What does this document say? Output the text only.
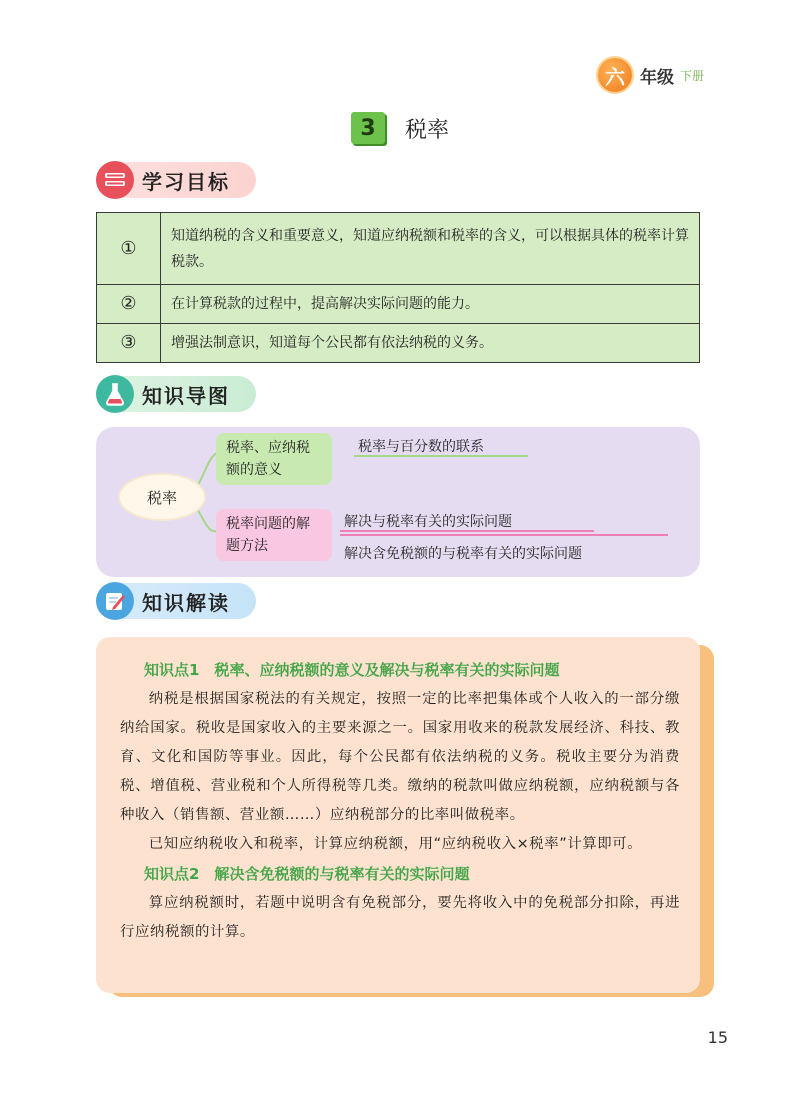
六 年级 下册
3	税率
学习目标
①	知道纳税的含义和重要意义，知道应纳税额和税率的含义，可以根据具体的税率计算税款。
②	在计算税款的过程中，提高解决实际问题的能力。
③	增强法制意识，知道每个公民都有依法纳税的义务。
知识导图
税率
税率、应纳税额的意义
税率问题的解题方法
税率与百分数的联系
解决与税率有关的实际问题
解决含免税额的与税率有关的实际问题
知识解读
知识点1　税率、应纳税额的意义及解决与税率有关的实际问题

纳税是根据国家税法的有关规定，按照一定的比率把集体或个人收入的一部分缴纳给国家。税收是国家收入的主要来源之一。国家用收来的税款发展经济、科技、教育、文化和国防等事业。因此，每个公民都有依法纳税的义务。税收主要分为消费税、增值税、营业税和个人所得税等几类。缴纳的税款叫做应纳税额，应纳税额与各种收入（销售额、营业额……）应纳税部分的比率叫做税率。

已知应纳税收入和税率，计算应纳税额，用“应纳税收入×税率”计算即可。

知识点2　解决含免税额的与税率有关的实际问题

算应纳税额时，若题中说明含有免税部分，要先将收入中的免税部分扣除，再进行应纳税额的计算。

15
